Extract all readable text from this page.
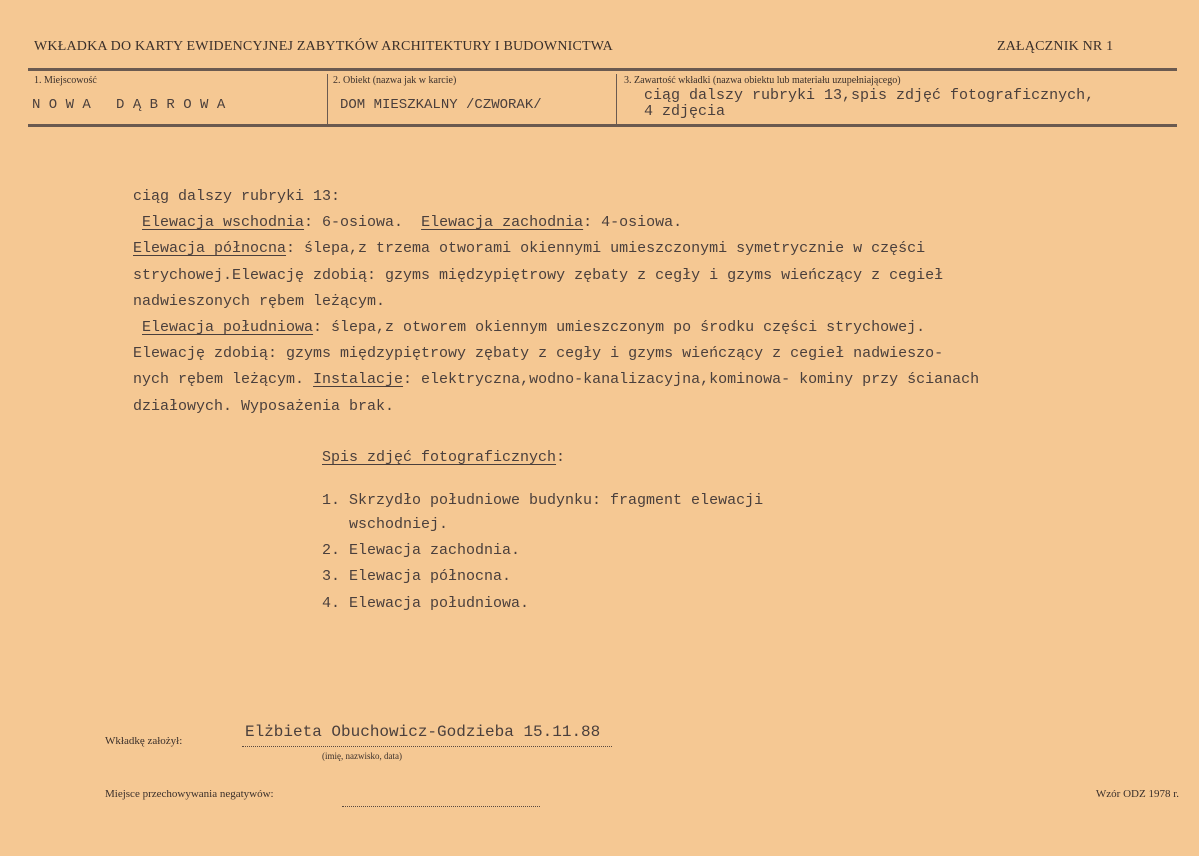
WKŁADKA DO KARTY EWIDENCYJNEJ ZABYTKÓW ARCHITEKTURY I BUDOWNICTWA	ZAŁĄCZNIK NR 1
1. Miejscowość
N O W A   D Ą B R O W A
2. Obiekt (nazwa jak w karcie)
DOM MIESZKALNY /CZWORAK/
3. Zawartość wkładki (nazwa obiektu lub materiału uzupełniającego)
ciąg dalszy rubryki 13,spis zdjęć fotograficznych,
4 zdjęcia
ciąg dalszy rubryki 13:
Elewacja wschodnia: 6-osiowa.  Elewacja zachodnia: 4-osiowa.
Elewacja północna: ślepa,z trzema otworami okiennymi umieszczonymi symetrycznie w części
strychowej.Elewację zdobią: gzyms międzypiętrowy zębaty z cegły i gzyms wieńczący z cegieł
nadwieszonych rębem leżącym.
Elewacja południowa: ślepa,z otworem okiennym umieszczonym po środku części strychowej.
Elewację zdobią: gzyms międzypiętrowy zębaty z cegły i gzyms wieńczący z cegieł nadwieszo-
nych rębem leżącym. Instalacje: elektryczna,wodno-kanalizacyjna,kominowa- kominy przy ścianach
działowych. Wyposażenia brak.
Spis zdjęć fotograficznych:
1. Skrzydło południowe budynku: fragment elewacji
wschodniej.
2. Elewacja zachodnia.
3. Elewacja północna.
4. Elewacja południowa.
Wkładkę założył:	Elżbieta Obuchowicz-Godzieba 15.11.88
(imię, nazwisko, data)
Miejsce przechowywania negatywów:	Wzór ODZ 1978 r.
